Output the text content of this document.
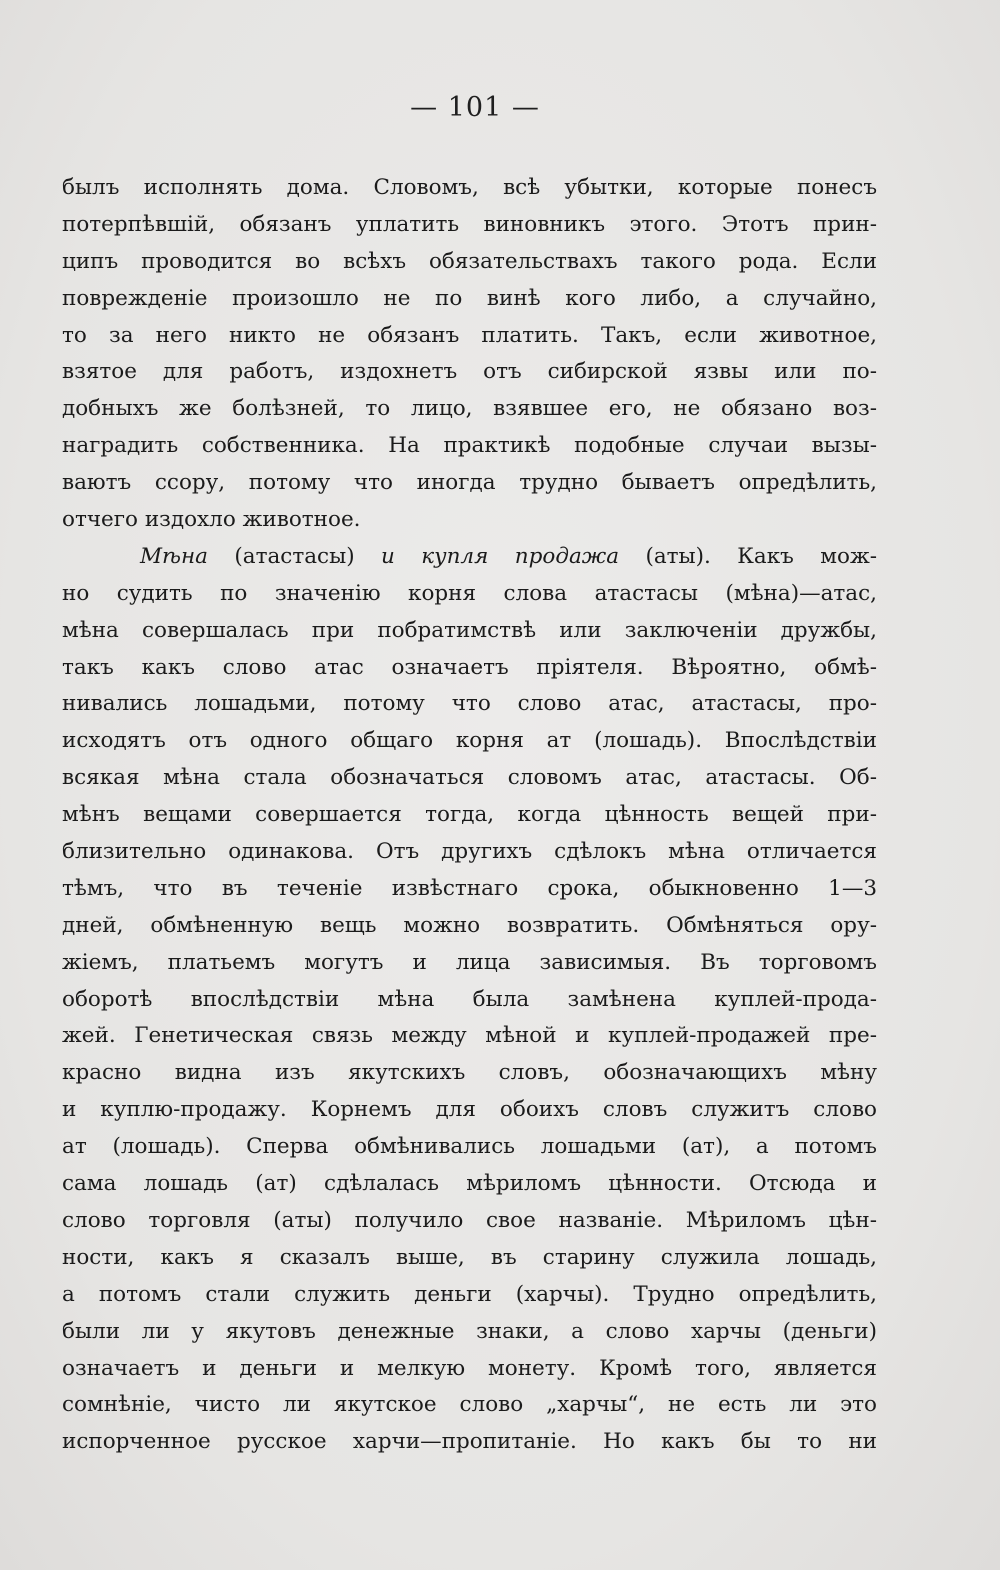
— 101 —
былъ исполнять дома. Словомъ, всѣ убытки, которые понесъ
потерпѣвшій, обязанъ уплатить виновникъ этого. Этотъ прин-
ципъ проводится во всѣхъ обязательствахъ такого рода. Если
поврежденіе произошло не по винѣ кого либо, а случайно,
то за него никто не обязанъ платить. Такъ, если животное,
взятое для работъ, издохнетъ отъ сибирской язвы или по-
добныхъ же болѣзней, то лицо, взявшее его, не обязано воз-
наградить собственника. На практикѣ подобные случаи вызы-
ваютъ ссору, потому что иногда трудно бываетъ опредѣлить,
отчего издохло животное.
Мѣна (атастасы) и купля продажа (аты). Какъ мож-
но судить по значенію корня слова атастасы (мѣна)—атас,
мѣна совершалась при побратимствѣ или заключеніи дружбы,
такъ какъ слово атас означаетъ пріятеля. Вѣроятно, обмѣ-
нивались лошадьми, потому что слово атас, атастасы, про-
исходятъ отъ одного общаго корня ат (лошадь). Впослѣдствіи
всякая мѣна стала обозначаться словомъ атас, атастасы. Об-
мѣнъ вещами совершается тогда, когда цѣнность вещей при-
близительно одинакова. Отъ другихъ сдѣлокъ мѣна отличается
тѣмъ, что въ теченіе извѣстнаго срока, обыкновенно 1—3
дней, обмѣненную вещь можно возвратить. Обмѣняться ору-
жіемъ, платьемъ могутъ и лица зависимыя. Въ торговомъ
оборотѣ впослѣдствіи мѣна была замѣнена куплей-прода-
жей. Генетическая связь между мѣной и куплей-продажей пре-
красно видна изъ якутскихъ словъ, обозначающихъ мѣну
и куплю-продажу. Корнемъ для обоихъ словъ служитъ слово
ат (лошадь). Сперва обмѣнивались лошадьми (ат), а потомъ
сама лошадь (ат) сдѣлалась мѣриломъ цѣнности. Отсюда и
слово торговля (аты) получило свое названіе. Мѣриломъ цѣн-
ности, какъ я сказалъ выше, въ старину служила лошадь,
а потомъ стали служить деньги (харчы). Трудно опредѣлить,
были ли у якутовъ денежные знаки, а слово харчы (деньги)
означаетъ и деньги и мелкую монету. Кромѣ того, является
сомнѣніе, чисто ли якутское слово „харчы“, не есть ли это
испорченное русское харчи—пропитаніе. Но какъ бы то ни
